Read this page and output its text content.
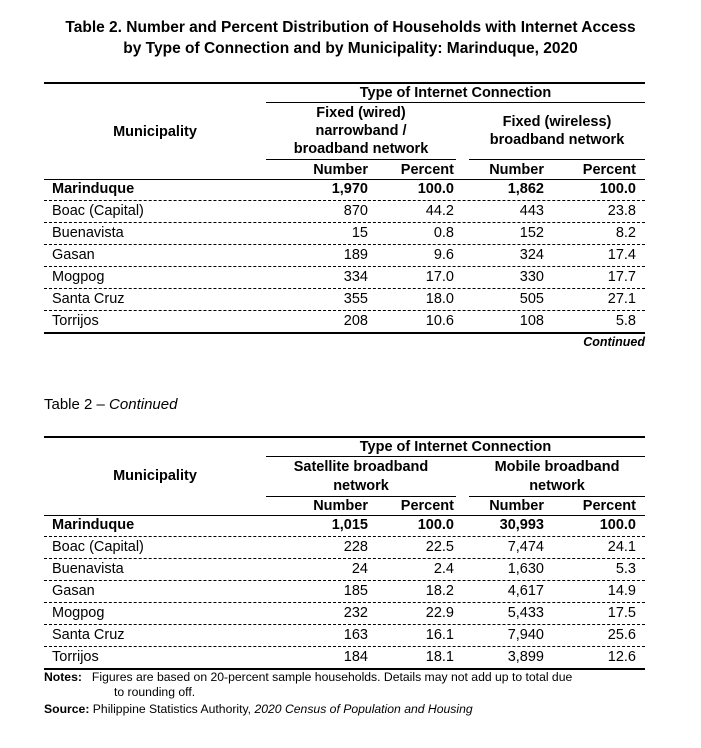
Table 2. Number and Percent Distribution of Households with Internet Access
by Type of Connection and by Municipality: Marinduque, 2020
Municipality
Type of Internet Connection
Fixed (wired)
narrowband /
broadband network
Fixed (wireless)
broadband network
Number	Percent	Number	Percent
Marinduque	1,970	100.0	1,862	100.0
Boac (Capital)	870	44.2	443	23.8
Buenavista	15	0.8	152	8.2
Gasan	189	9.6	324	17.4
Mogpog	334	17.0	330	17.7
Santa Cruz	355	18.0	505	27.1
Torrijos	208	10.6	108	5.8
Continued
Table 2 – Continued
Municipality
Type of Internet Connection
Satellite broadband
network
Mobile broadband
network
Number	Percent	Number	Percent
Marinduque	1,015	100.0	30,993	100.0
Boac (Capital)	228	22.5	7,474	24.1
Buenavista	24	2.4	1,630	5.3
Gasan	185	18.2	4,617	14.9
Mogpog	232	22.9	5,433	17.5
Santa Cruz	163	16.1	7,940	25.6
Torrijos	184	18.1	3,899	12.6
Notes: Figures are based on 20-percent sample households. Details may not add up to total due
to rounding off.
Source: Philippine Statistics Authority, 2020 Census of Population and Housing
